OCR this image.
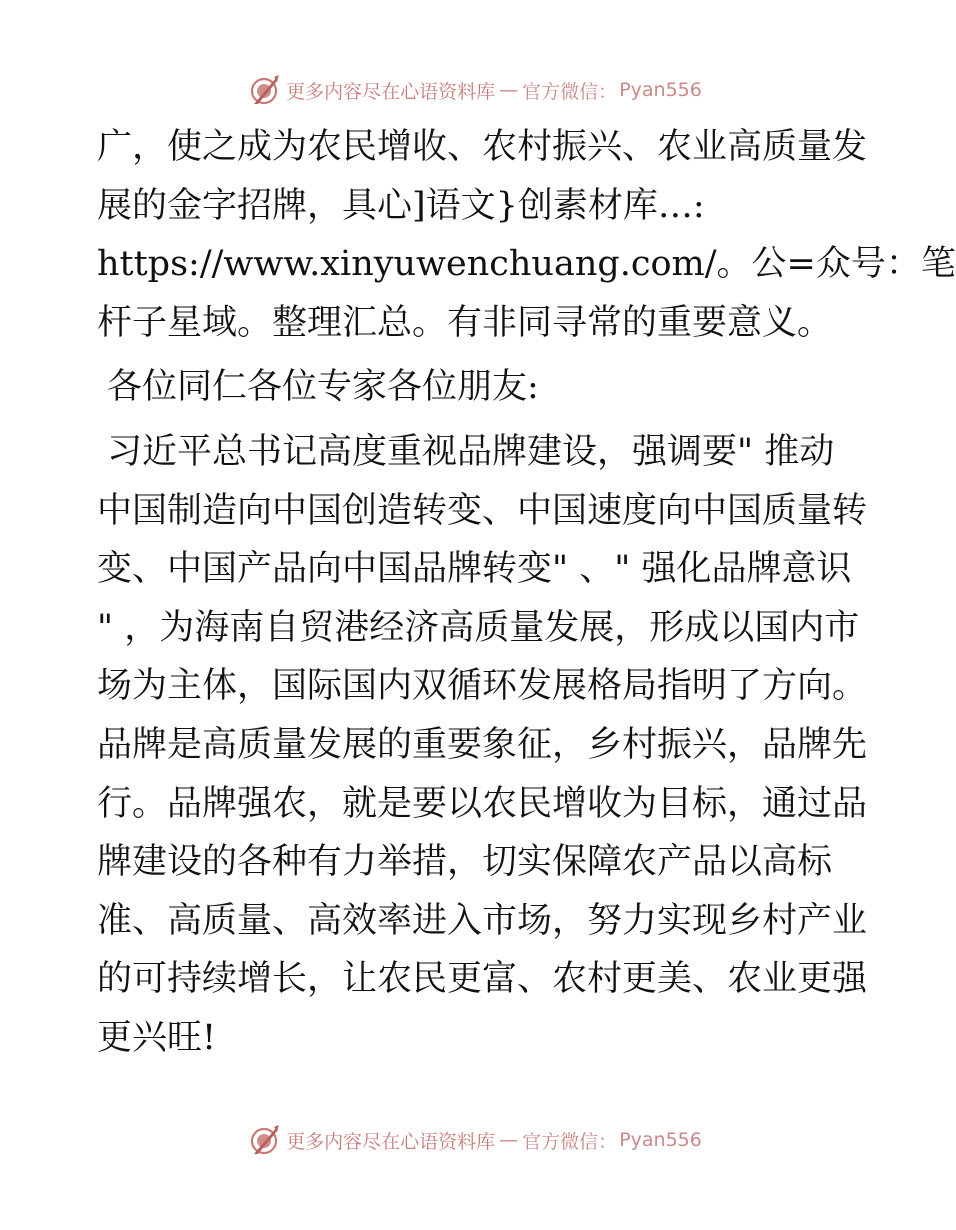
更多内容尽在心语资料库 — 官方微信： Pyan556
广，使之成为农民增收、农村振兴、农业高质量发
展的金字招牌，具心]语文}创素材库…:
https://www.xinyuwenchuang.com/。公=众号：笔
杆子星域。整理汇总。有非同寻常的重要意义。
各位同仁各位专家各位朋友:
习近平总书记高度重视品牌建设，强调要" 推动
中国制造向中国创造转变、中国速度向中国质量转
变、中国产品向中国品牌转变" 、" 强化品牌意识
" ，为海南自贸港经济高质量发展，形成以国内市
场为主体，国际国内双循环发展格局指明了方向。
品牌是高质量发展的重要象征，乡村振兴，品牌先
行。品牌强农，就是要以农民增收为目标，通过品
牌建设的各种有力举措，切实保障农产品以高标
准、高质量、高效率进入市场，努力实现乡村产业
的可持续增长，让农民更富、农村更美、农业更强
更兴旺!
更多内容尽在心语资料库 — 官方微信： Pyan556
